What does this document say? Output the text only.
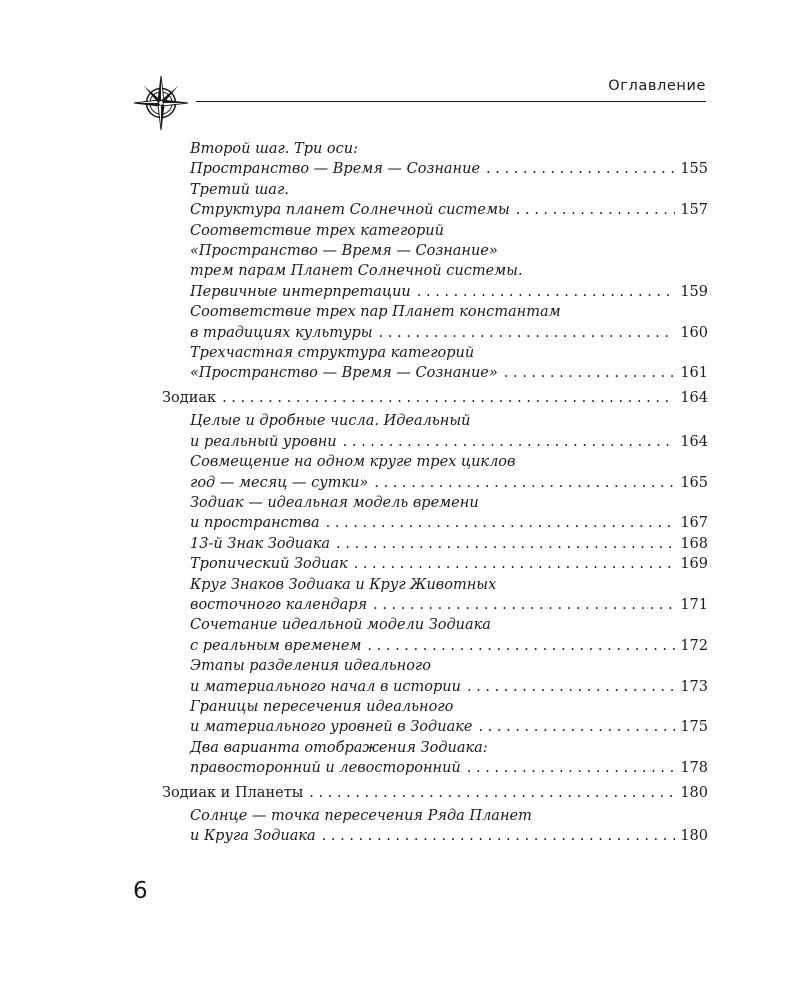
Оглавление
Второй шаг. Три оси:
Пространство — Время — Сознание . . .	155
Третий шаг.
Структура планет Солнечной системы . . .	157
Соответствие трех категорий
«Пространство — Время — Сознание»
трем парам Планет Солнечной системы.
Первичные интерпретации . . .	159
Соответствие трех пар Планет константам
в традициях культуры . . .	160
Трехчастная структура категорий
«Пространство — Время — Сознание» . . .	161
Зодиак . . .	164
Целые и дробные числа. Идеальный
и реальный уровни . . .	164
Совмещение на одном круге трех циклов
год — месяц — сутки» . . .	165
Зодиак — идеальная модель времени
и пространства . . .	167
13-й Знак Зодиака . . .	168
Тропический Зодиак . . .	169
Круг Знаков Зодиака и Круг Животных
восточного календаря . . .	171
Сочетание идеальной модели Зодиака
с реальным временем . . .	172
Этапы разделения идеального
и материального начал в истории . . .	173
Границы пересечения идеального
и материального уровней в Зодиаке . . .	175
Два варианта отображения Зодиака:
правосторонний и левосторонний . . .	178
Зодиак и Планеты . . .	180
Солнце — точка пересечения Ряда Планет
и Круга Зодиака . . .	180
6
